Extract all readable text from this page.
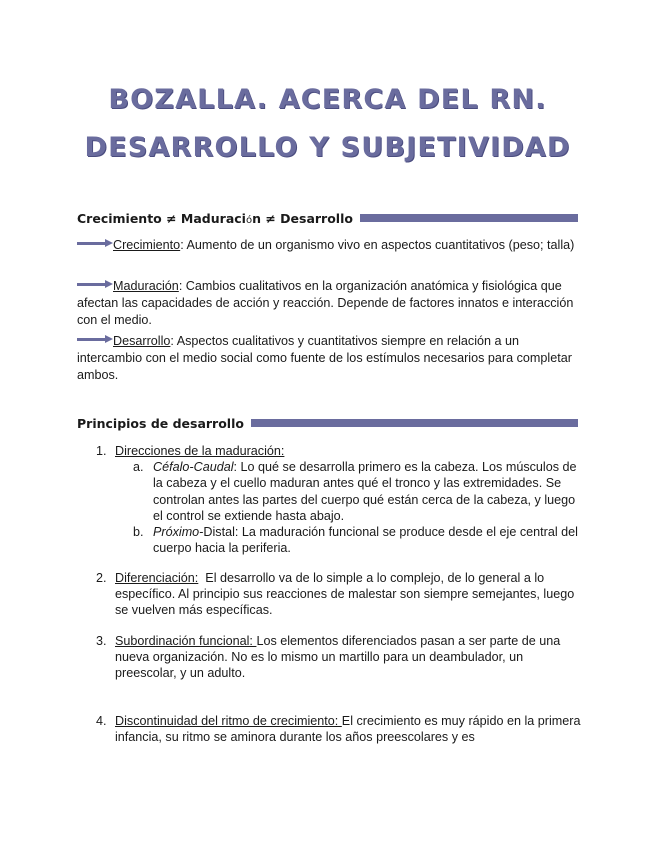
BOZALLA. ACERCA DEL RN.
DESARROLLO Y SUBJETIVIDAD
Crecimiento ≠ Maduración ≠ Desarrollo
Crecimiento: Aumento de un organismo vivo en aspectos cuantitativos (peso; talla)
Maduración: Cambios cualitativos en la organización anatómica y fisiológica que afectan las capacidades de acción y reacción. Depende de factores innatos e interacción con el medio.
Desarrollo: Aspectos cualitativos y cuantitativos siempre en relación a un intercambio con el medio social como fuente de los estímulos necesarios para completar ambos.
Principios de desarrollo
1. Direcciones de la maduración:
a. Céfalo-Caudal: Lo qué se desarrolla primero es la cabeza. Los músculos de la cabeza y el cuello maduran antes qué el tronco y las extremidades. Se controlan antes las partes del cuerpo qué están cerca de la cabeza, y luego el control se extiende hasta abajo.
b. Próximo-Distal: La maduración funcional se produce desde el eje central del cuerpo hacia la periferia.
2. Diferenciación:  El desarrollo va de lo simple a lo complejo, de lo general a lo específico. Al principio sus reacciones de malestar son siempre semejantes, luego se vuelven más específicas.
3. Subordinación funcional: Los elementos diferenciados pasan a ser parte de una nueva organización. No es lo mismo un martillo para un deambulador, un preescolar, y un adulto.
4. Discontinuidad del ritmo de crecimiento: El crecimiento es muy rápido en la primera infancia, su ritmo se aminora durante los años preescolares y es
